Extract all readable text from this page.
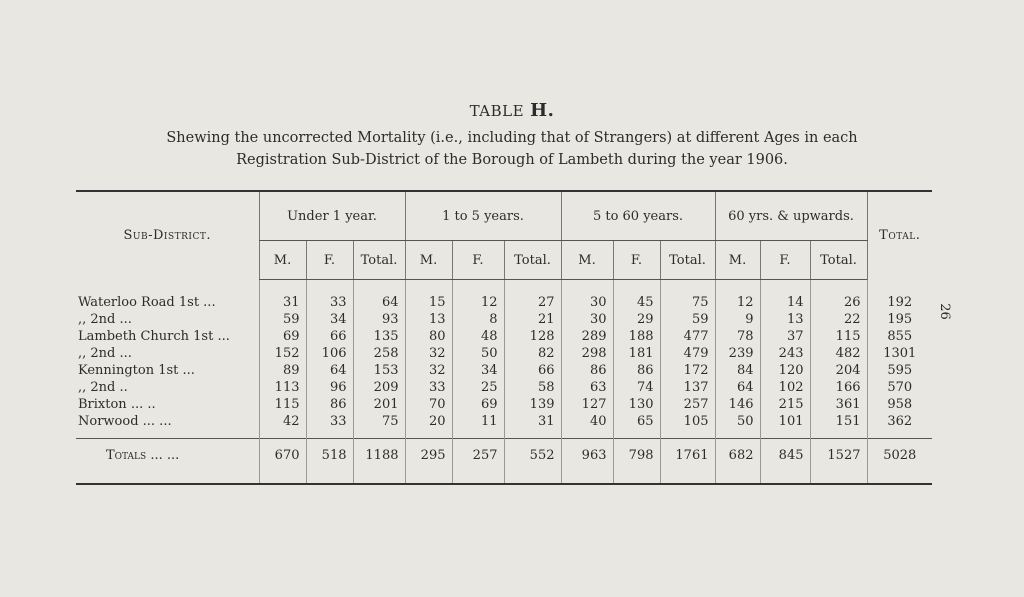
TABLE H.
Shewing the uncorrected Mortality (i.e., including that of Strangers) at different Ages in each
Registration Sub-District of the Borough of Lambeth during the year 1906.
26
Sub-District.	Under 1 year.			1 to 5 years.			5 to 60 years.			60 yrs. & upwards.			Total.
	M.	F.	Total.	M.	F.	Total.	M.	F.	Total.	M.	F.	Total.	

Waterloo Road 1st ...	31	33	64	15	12	27	30	45	75	12	14	26	192
,, 2nd ...	59	34	93	13	8	21	30	29	59	9	13	22	195
Lambeth Church 1st ...	69	66	135	80	48	128	289	188	477	78	37	115	855
,, 2nd ...	152	106	258	32	50	82	298	181	479	239	243	482	1301
Kennington 1st ...	89	64	153	32	34	66	86	86	172	84	120	204	595
,, 2nd ..	113	96	209	33	25	58	63	74	137	64	102	166	570
Brixton ... ..	115	86	201	70	69	139	127	130	257	146	215	361	958
Norwood ... ...	42	33	75	20	11	31	40	65	105	50	101	151	362

Totals ... ...	670	518	1188	295	257	552	963	798	1761	682	845	1527	5028
